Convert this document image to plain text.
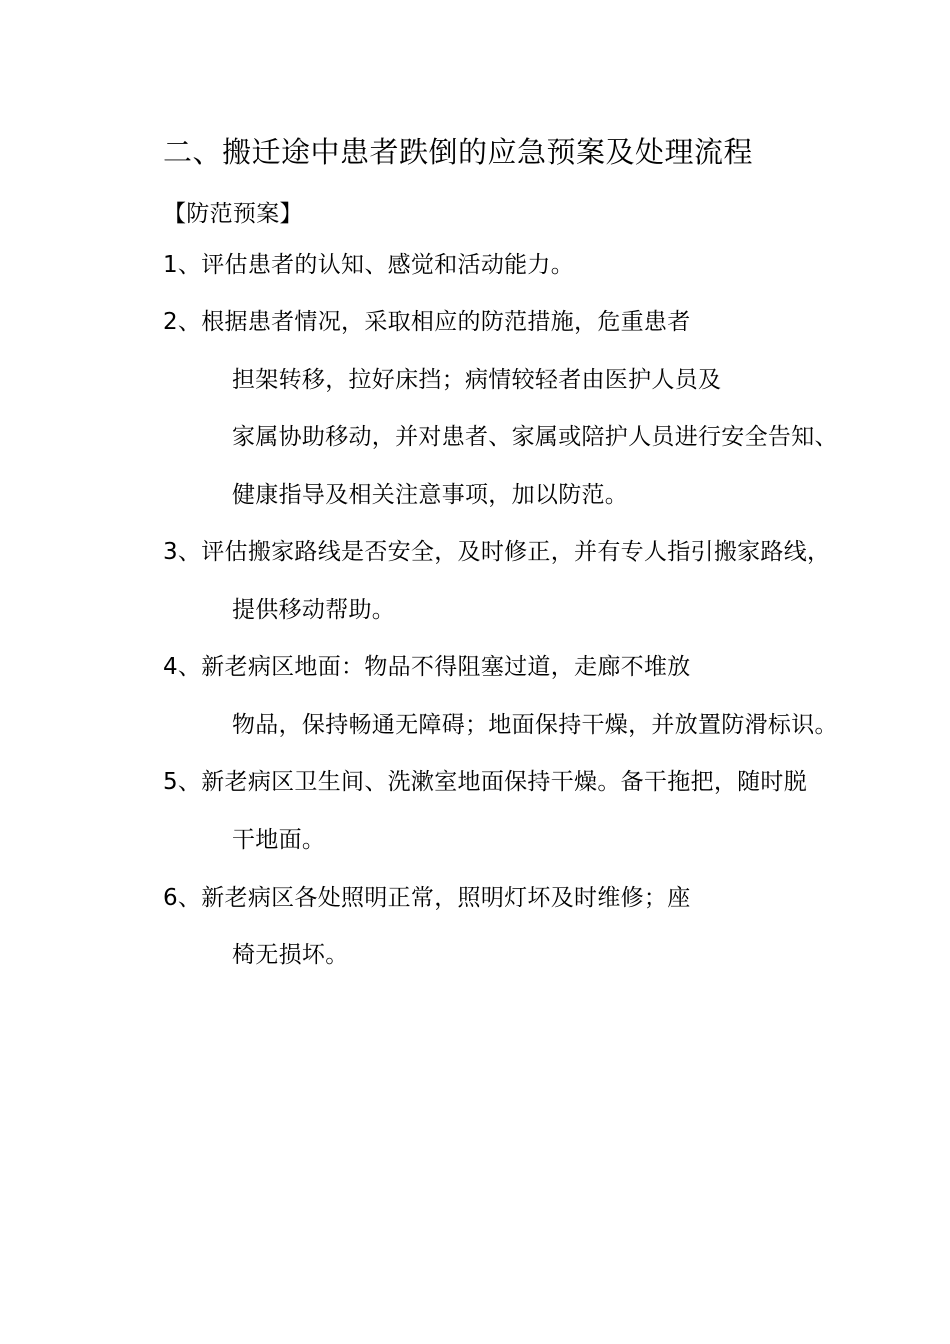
二、搬迁途中患者跌倒的应急预案及处理流程
【防范预案】
1、评估患者的认知、感觉和活动能力。
2、根据患者情况，采取相应的防范措施，危重患者
担架转移，拉好床挡；病情较轻者由医护人员及
家属协助移动，并对患者、家属或陪护人员进行安全告知、
健康指导及相关注意事项，加以防范。
3、评估搬家路线是否安全，及时修正，并有专人指引搬家路线，
提供移动帮助。
4、新老病区地面：物品不得阻塞过道，走廊不堆放
物品，保持畅通无障碍；地面保持干燥，并放置防滑标识。
5、新老病区卫生间、洗漱室地面保持干燥。备干拖把，随时脱
干地面。
6、新老病区各处照明正常，照明灯坏及时维修；座
椅无损坏。
